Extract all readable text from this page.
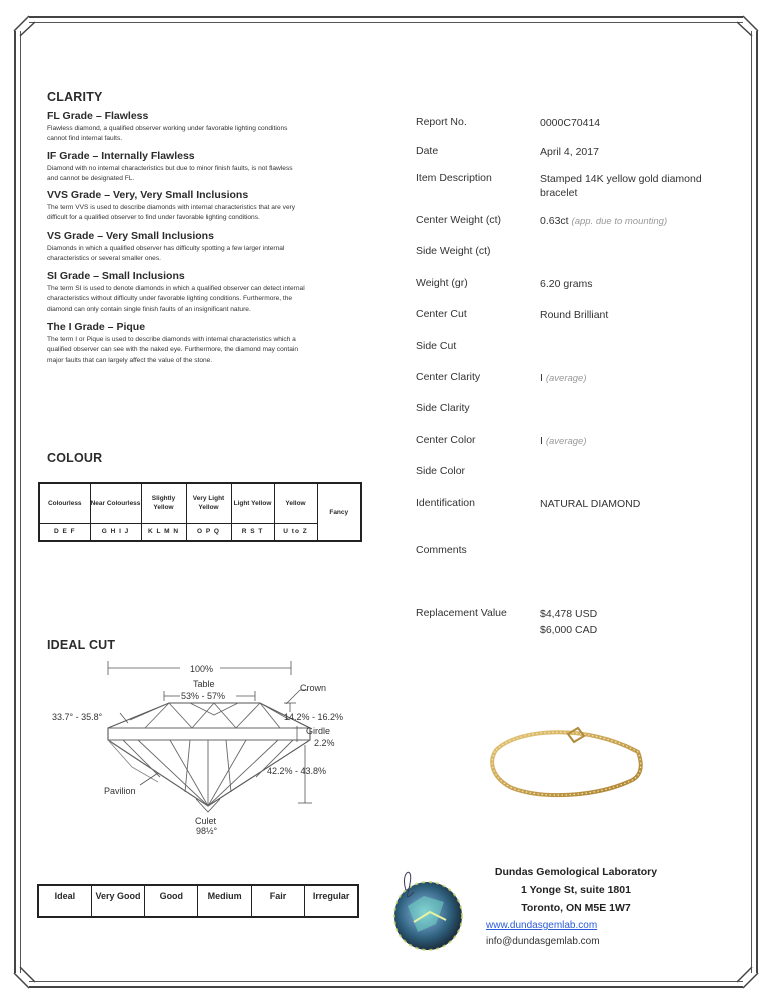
CLARITY
FL Grade – Flawless
Flawless diamond, a qualified observer working under favorable lighting conditions
cannot find internal faults.
IF Grade – Internally Flawless
Diamond with no internal characteristics but due to minor finish faults, is not flawless
and cannot be designated FL.
VVS Grade – Very, Very Small Inclusions
The term VVS is used to describe diamonds with internal characteristics that are very
difficult for a qualified observer to find under favorable lighting conditions.
VS Grade – Very Small Inclusions
Diamonds in which a qualified observer has difficulty spotting a few larger internal
characteristics or several smaller ones.
SI Grade – Small Inclusions
The term SI is used to denote diamonds in which a qualified observer can detect internal
characteristics without difficulty under favorable lighting conditions. Furthermore, the
diamond can only contain single finish faults of an insignificant nature.
The I Grade – Pique
The term I or Pique is used to describe diamonds with internal characteristics which a
qualified observer can see with the naked eye. Furthermore, the diamond may contain
major faults that can largely affect the value of the stone.
COLOUR
Colourless	Near Colourless	Slightly Yellow	Very Light Yellow	Light Yellow	Yellow	Fancy
D E F	G H I J	K L M N	O P Q	R S T	U to Z	
IDEAL CUT
100%
Table
53% - 57%
Crown
33.7° - 35.8°	14.2% - 16.2%
Girdle
2.2%
42.2% - 43.8%
Pavilion
Culet
98½°
Ideal	Very Good	Good	Medium	Fair	Irregular
Report No.	0000C70414
Date	April 4, 2017
Item Description	Stamped 14K yellow gold diamond bracelet
Center Weight (ct)	0.63ct (app. due to mounting)
Side Weight (ct)
Weight (gr)	6.20 grams
Center Cut	Round Brilliant
Side Cut
Center Clarity	I (average)
Side Clarity
Center Color	I (average)
Side Color
Identification	NATURAL DIAMOND
Comments
Replacement Value	$4,478 USD
$6,000 CAD
Dundas Gemological Laboratory
1 Yonge St, suite 1801
Toronto, ON M5E 1W7
www.dundasgemlab.com
info@dundasgemlab.com
